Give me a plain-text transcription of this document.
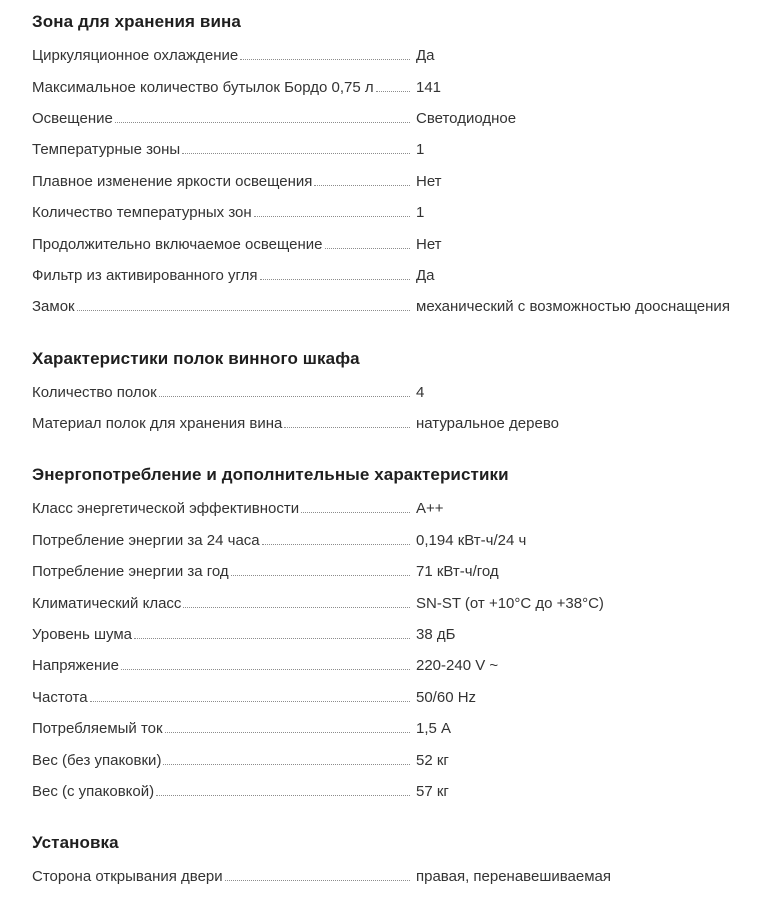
Зона для хранения вина
Циркуляционное охлаждение	Да
Максимальное количество бутылок Бордо 0,75 л	141
Освещение	Светодиодное
Температурные зоны	1
Плавное изменение яркости освещения	Нет
Количество температурных зон	1
Продолжительно включаемое освещение	Нет
Фильтр из активированного угля	Да
Замок	механический с возможностью дооснащения
Характеристики полок винного шкафа
Количество полок	4
Материал полок для хранения вина	натуральное дерево
Энергопотребление и дополнительные характеристики
Класс энергетической эффективности	A++
Потребление энергии за 24 часа	0,194 кВт-ч/24 ч
Потребление энергии за год	71 кВт-ч/год
Климатический класс	SN-ST (от +10°C до +38°C)
Уровень шума	38 дБ
Напряжение	220-240 V ~
Частота	50/60 Hz
Потребляемый ток	1,5 А
Вес (без упаковки)	52 кг
Вес (с упаковкой)	57 кг
Установка
Сторона открывания двери	правая, перенавешиваемая
